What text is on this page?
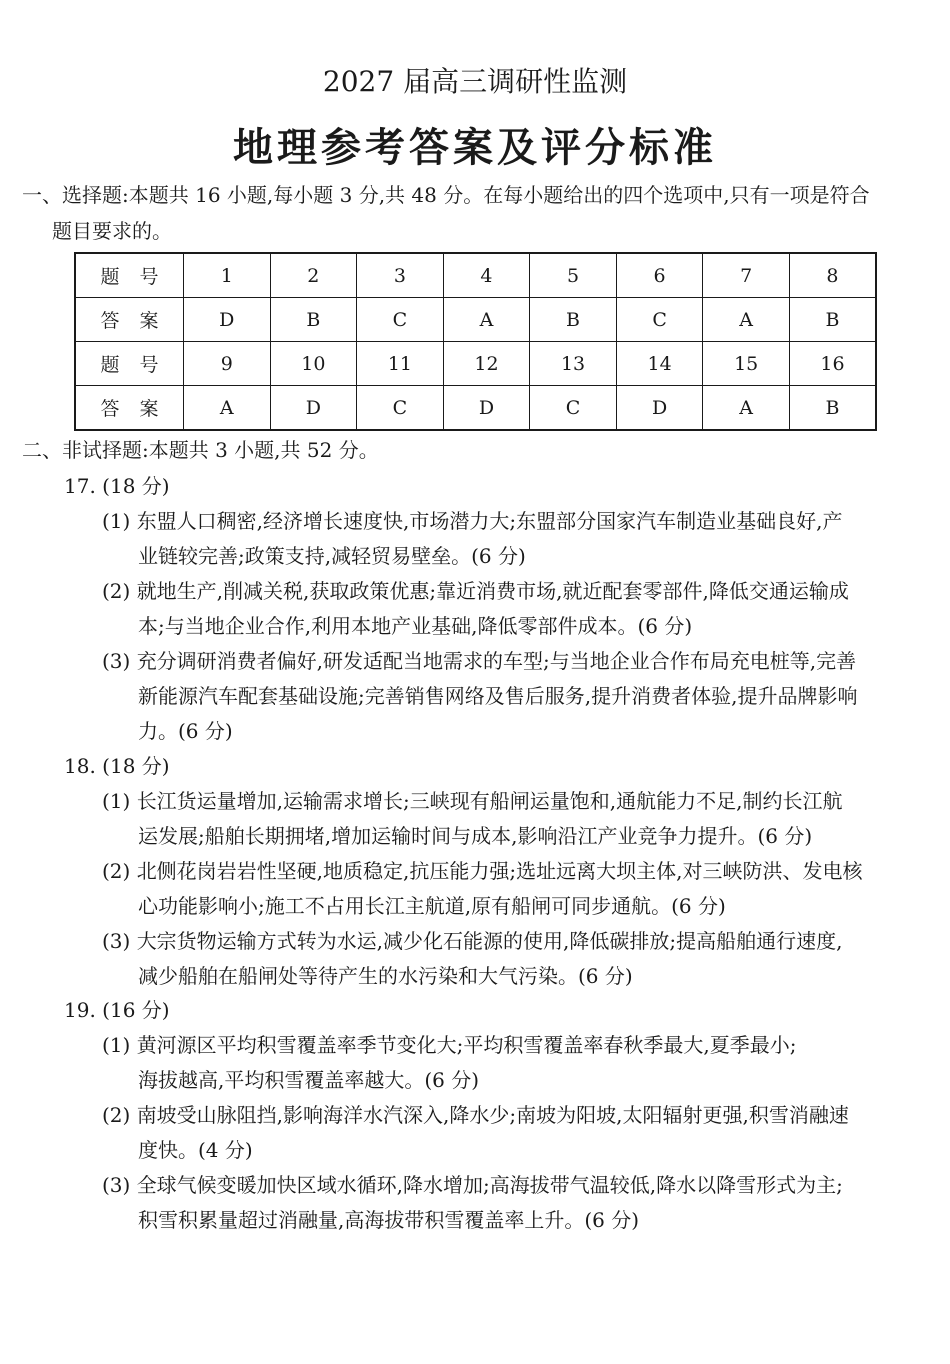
2027 届高三调研性监测
地理参考答案及评分标准
一、选择题:本题共 16 小题,每小题 3 分,共 48 分。在每小题给出的四个选项中,只有一项是符合
题目要求的。
题号	1	2	3	4	5	6	7	8
答案	D	B	C	A	B	C	A	B
题号	9	10	11	12	13	14	15	16
答案	A	D	C	D	C	D	A	B
二、非试择题:本题共 3 小题,共 52 分。
17. (18 分)
(1) 东盟人口稠密,经济增长速度快,市场潜力大;东盟部分国家汽车制造业基础良好,产
业链较完善;政策支持,减轻贸易壁垒。(6 分)
(2) 就地生产,削减关税,获取政策优惠;靠近消费市场,就近配套零部件,降低交通运输成
本;与当地企业合作,利用本地产业基础,降低零部件成本。(6 分)
(3) 充分调研消费者偏好,研发适配当地需求的车型;与当地企业合作布局充电桩等,完善
新能源汽车配套基础设施;完善销售网络及售后服务,提升消费者体验,提升品牌影响
力。(6 分)
18. (18 分)
(1) 长江货运量增加,运输需求增长;三峡现有船闸运量饱和,通航能力不足,制约长江航
运发展;船舶长期拥堵,增加运输时间与成本,影响沿江产业竞争力提升。(6 分)
(2) 北侧花岗岩岩性坚硬,地质稳定,抗压能力强;选址远离大坝主体,对三峡防洪、发电核
心功能影响小;施工不占用长江主航道,原有船闸可同步通航。(6 分)
(3) 大宗货物运输方式转为水运,减少化石能源的使用,降低碳排放;提高船舶通行速度,
减少船舶在船闸处等待产生的水污染和大气污染。(6 分)
19. (16 分)
(1) 黄河源区平均积雪覆盖率季节变化大;平均积雪覆盖率春秋季最大,夏季最小;
海拔越高,平均积雪覆盖率越大。(6 分)
(2) 南坡受山脉阻挡,影响海洋水汽深入,降水少;南坡为阳坡,太阳辐射更强,积雪消融速
度快。(4 分)
(3) 全球气候变暖加快区域水循环,降水增加;高海拔带气温较低,降水以降雪形式为主;
积雪积累量超过消融量,高海拔带积雪覆盖率上升。(6 分)
